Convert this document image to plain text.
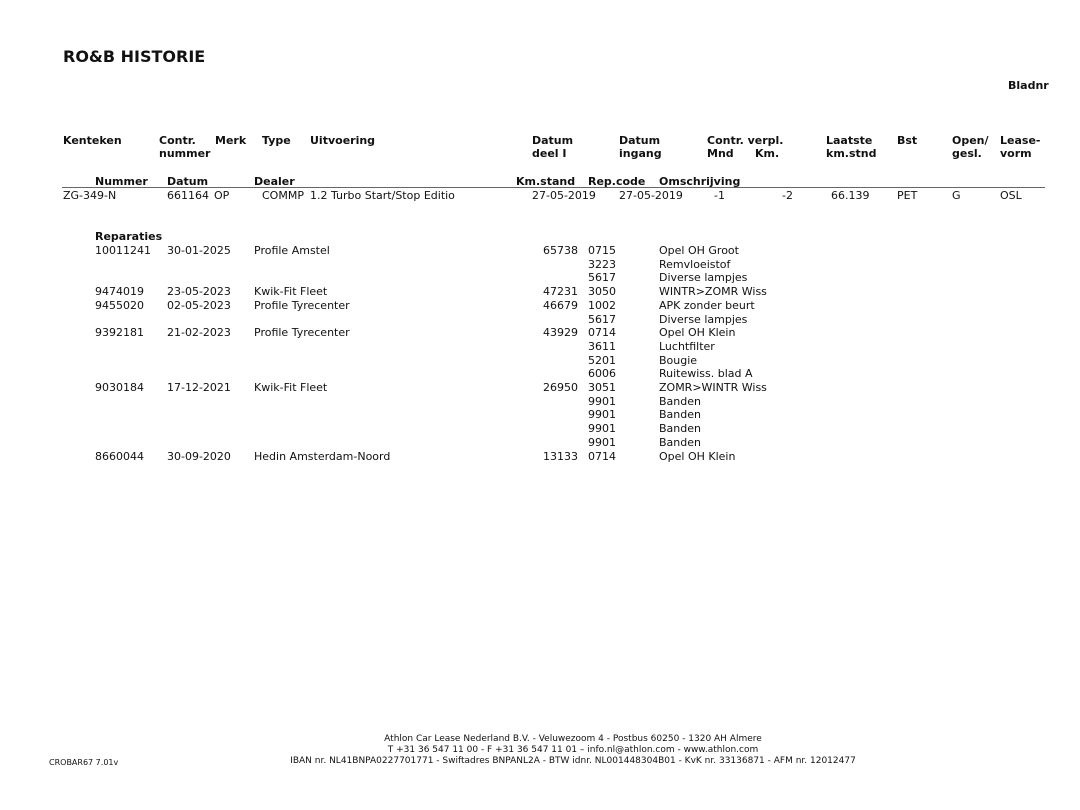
RO&B HISTORIE
Bladnr
Kenteken	Contr.
nummer
Merk Type Uitvoering	Datum
deel I
Datum
ingang
Contr. verpl.
Mnd Km.
Laatste
km.stnd
Bst	Open/
gesl.
Lease-
vorm
Nummer Datum	Dealer	Km.stand Rep.code Omschrijving
ZG-349-N	661164 OP	COMMP 1.2 Turbo Start/Stop Editio	27-05-2019 27-05-2019	-1	-2	66.139	PET	G	OSL
Reparaties
10011241 30-01-2025 Profile Amstel	65738 0715	Opel OH Groot
3223	Remvloeistof
5617	Diverse lampjes
9474019 23-05-2023 Kwik-Fit Fleet	47231 3050	WINTR>ZOMR Wiss
9455020 02-05-2023 Profile Tyrecenter	46679 1002	APK zonder beurt
5617	Diverse lampjes
9392181 21-02-2023 Profile Tyrecenter	43929 0714	Opel OH Klein
3611	Luchtfilter
5201	Bougie
6006	Ruitewiss. blad A
9030184 17-12-2021 Kwik-Fit Fleet	26950 3051	ZOMR>WINTR Wiss
9901	Banden
9901	Banden
9901	Banden
9901	Banden
8660044 30-09-2020 Hedin Amsterdam-Noord	13133 0714	Opel OH Klein
Athlon Car Lease Nederland B.V. - Veluwezoom 4 - Postbus 60250 - 1320 AH Almere
T +31 36 547 11 00 - F +31 36 547 11 01 – info.nl@athlon.com - www.athlon.com
IBAN nr. NL41BNPA0227701771 - Swiftadres BNPANL2A - BTW idnr. NL001448304B01 - KvK nr. 33136871 - AFM nr. 12012477
CROBAR67 7.01v
